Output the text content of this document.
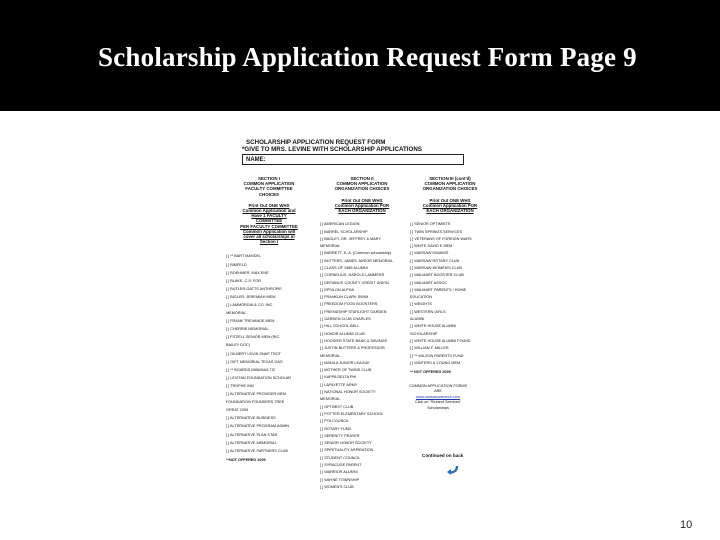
Scholarship Application Request Form Page 9
SCHOLARSHIP APPLICATION REQUEST FORM
*GIVE TO MRS. LEVINE WITH SCHOLARSHIP APPLICATIONS
NAME:
SECTION I
COMMON APPLICATION
FACULTY COMMITTEE
CHOICES
Print Out ONE WHS
Common Application and
Have 1 FACULTY
COMMITTEE
PER FACULTY COMMITTEE
Common Application will
cover all scholarships in
Section I
[ ] ** BART MANDEL
[ ] BIMFELD
[ ] BOEHMER, MAX ENE
[ ] BLAKE, C.S. FOR
[ ] BUTLER-GATTS ANTHROPIE
[ ] BIGLER, JEREMIAH MEM
[ ] LAMMORGIA & CO. INC.
MEMORIAL
[ ] FRANK TREVANDE MEM
[ ] CHERRIE MEMORIAL
[ ] FITZELL SENIOR MEM (RIC
BAILEY DOC)
[ ] GILBERT LEVIN SNAP TROT
[ ] GIFT MEMORIAL TEXAS GAS
[ ] ** BOARDS MINIMUM TIC
[ ] LEVITAN FOUNDATION SCHOLAR
[ ] TROPHE INN
[ ] ALTERNATIVE PROVIDER MEM
FOUNDATION FOUNDERS TREE
GREAT 2009
[ ] ALTERNATIVE BUSINESS
[ ] ALTERNATIVE PROGRAM ADMIN
[ ] ALTERNATIVE PLAN STAR
[ ] ALTERNATIVE MEMORIAL
[ ] ALTERNATIVE PARTNERS CLUB
**NOT OFFERED 2009
SECTION II
COMMON APPLICATION
ORGANIZATION CHOICES
Print Out ONE WHS
Common Application FOR
EACH ORGANIZATION
[ ] AMERICAN LEGION
[ ] BARREL SCHOLARSHIP
[ ] BAGLEY, DR. JEFFREY & MARY
MEMORIAL
[ ] BARRETT, D. A. (Common scholarship)
[ ] BUTTERS, JAMES JUNIOR MEMORIAL
[ ] CLASS OF 1985 ALUMNI
[ ] CORNELIUS, HAROLD LAMMERS
[ ] DEFIANCE COUNTY CREDIT UNION
[ ] EPSILON ALPHA
[ ] FRANKLIN CLARK SWIM
[ ] FREEDOM FOOD BOOSTERS
[ ] FRIENDSHIP STARLIGHT GARDEN
[ ] GARDEN CLUB CHARLES
[ ] HILL SCHOOL BELL
[ ] HONOR ALUMNI CLUB
[ ] HOOSIER STATE BANK & SAVINGS
[ ] JUSTIN BUTTERS & PROFESSOR
MEMORIAL
[ ] MANILA JUNIOR LEAGUE
[ ] MOTHER OF TWINS CLUB
[ ] KAPPA DELTA PHI
[ ] LAFAYETTE ARMY
[ ] NATIONAL HONOR SOCIETY
MEMORIAL
[ ] OPTIMIST CLUB
[ ] POTTER ELEMENTARY SCHOOL
[ ] PTA COUNCIL
[ ] ROTARY FUND
[ ] SERENITY PRAYER
[ ] SENIOR HONOR SOCIETY
[ ] SPIRITUALITY ASPIRATION
[ ] STUDENT COUNCIL
[ ] SYRACUSE PARENT
[ ] WARRIOR ALUMNI
[ ] WAYNE TOWNSHIP
[ ] WOMEN'S CLUB
SECTION III (cont'd)
COMMON APPLICATION
ORGANIZATION CHOICES
Print Out ONE WHS
Common Application FOR
EACH ORGANIZATION
[ ] SENIOR OPTIMISTS
[ ] TWIN SPRINGS SERVICES
[ ] VETERANS OF FOREIGN WARS
[ ] WHITE DAVID E MEM
[ ] WARSAW KIWANIS
[ ] WARSAW ROTARY CLUB
[ ] WARSAW WOMEN'S CLUB
[ ] WALMART BOOSTER CLUB
[ ] WALMART ASSOC
[ ] WALMART PARENTS / HOME
EDUCATION
[ ] WEIGHTS
[ ] WESTERN GIRLS
ALUMNI
[ ] WHITE HOUSE ALUMNI
SCHOLARSHIP
[ ] WHITE HOUSE ALUMNI FOUND
[ ] WILLIAM F. MILLER
[ ] ** WILSON PARENTS FUND
[ ] WINTERS & YOUNG MEM
** NOT OFFERED 2009
COMMON APPLICATION FORMS
ARE
www.warsawwsearch.com
Click on "Student Services"
Scholarships
Continued on back
.
10
